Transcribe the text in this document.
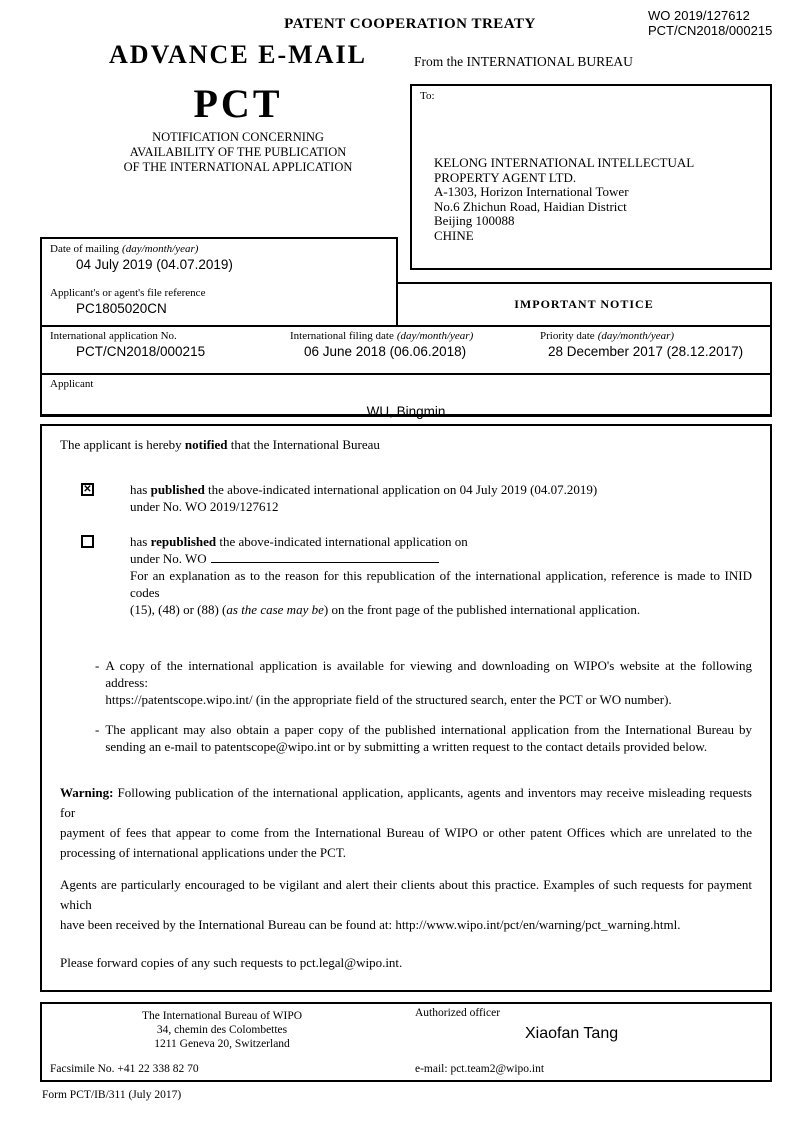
WO 2019/127612
PCT/CN2018/000215
PATENT COOPERATION TREATY
ADVANCE E-MAIL	From the INTERNATIONAL BUREAU
PCT
NOTIFICATION CONCERNING
AVAILABILITY OF THE PUBLICATION
OF THE INTERNATIONAL APPLICATION
To:
KELONG INTERNATIONAL INTELLECTUAL
PROPERTY AGENT LTD.
A-1303, Horizon International Tower
No.6 Zhichun Road, Haidian District
Beijing 100088
CHINE
Date of mailing (day/month/year)
04 July 2019 (04.07.2019)
Applicant's or agent's file reference
PC1805020CN	IMPORTANT NOTICE
International application No.
PCT/CN2018/000215
International filing date (day/month/year)
06 June 2018 (06.06.2018)
Priority date (day/month/year)
28 December 2017 (28.12.2017)
Applicant
WU, Bingmin

The applicant is hereby notified that the International Bureau

✕	has published the above-indicated international application on 04 July 2019 (04.07.2019)
under No. WO 2019/127612
has republished the above-indicated international application on
under No. WO
For an explanation as to the reason for this republication of the international application, reference is made to INID codes
(15), (48) or (88) (as the case may be) on the front page of the published international application.
- A copy of the international application is available for viewing and downloading on WIPO's website at the following address:
https://patentscope.wipo.int/ (in the appropriate field of the structured search, enter the PCT or WO number).
- The applicant may also obtain a paper copy of the published international application from the International Bureau by
sending an e-mail to patentscope@wipo.int or by submitting a written request to the contact details provided below.
Warning: Following publication of the international application, applicants, agents and inventors may receive misleading requests for
payment of fees that appear to come from the International Bureau of WIPO or other patent Offices which are unrelated to the
processing of international applications under the PCT.
Agents are particularly encouraged to be vigilant and alert their clients about this practice. Examples of such requests for payment which
have been received by the International Bureau can be found at: http://www.wipo.int/pct/en/warning/pct_warning.html.
Please forward copies of any such requests to pct.legal@wipo.int.
The International Bureau of WIPO
34, chemin des Colombettes
1211 Geneva 20, Switzerland
Authorized officer
Xiaofan Tang
Facsimile No. +41 22 338 82 70	e-mail: pct.team2@wipo.int
Form PCT/IB/311 (July 2017)
